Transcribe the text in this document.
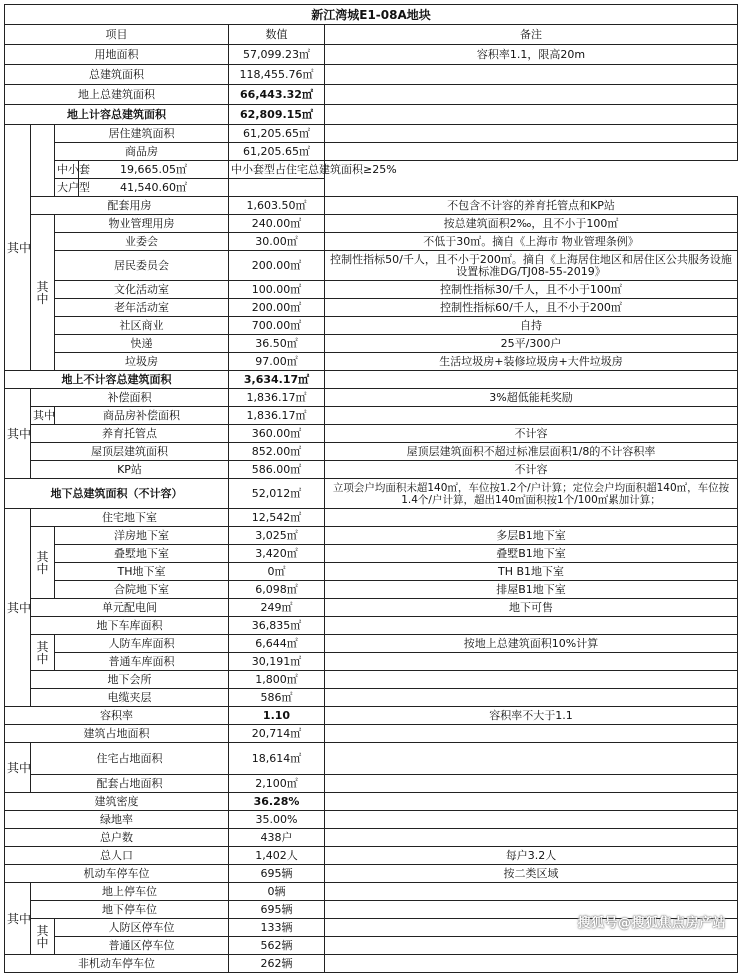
新江湾城E1-08A地块					
项目				数值	备注
用地面积				57,099.23㎡	容积率1.1，限高20m
总建筑面积				118,455.76㎡	
地上总建筑面积				66,443.32㎡	
地上计容总建筑面积				62,809.15㎡	
其中		居住建筑面积		61,205.65㎡	
		商品房		61,205.65㎡	
		中小套	19,665.05㎡	中小套型占住宅总建筑面积≥25%	
		大户型	41,540.60㎡		
	配套用房			1,603.50㎡	不包含不计容的养育托管点和KP站
	其中	物业管理用房		240.00㎡	按总建筑面积2‰，且不小于100㎡
		业委会		30.00㎡	不低于30㎡。摘自《上海市 物业管理条例》
		居民委员会		200.00㎡	控制性指标50/千人，且不小于200㎡。摘自《上海居住地区和居住区公共服务设施设置标准DG/TJ08-55-2019》
		文化活动室		100.00㎡	控制性指标30/千人，且不小于100㎡
		老年活动室		200.00㎡	控制性指标60/千人，且不小于200㎡
		社区商业		700.00㎡	自持
		快递		36.50㎡	25平/300户
		垃圾房		97.00㎡	生活垃圾房+装修垃圾房+大件垃圾房
地上不计容总建筑面积				3,634.17㎡	
其中	补偿面积			1,836.17㎡	3%超低能耗奖励
	其中	商品房补偿面积		1,836.17㎡	
	养育托管点			360.00㎡	不计容
	屋顶层建筑面积			852.00㎡	屋顶层建筑面积不超过标准层面积1/8的不计容积率
	KP站			586.00㎡	不计容
地下总建筑面积（不计容）				52,012㎡	立项会户均面积未超140㎡，车位按1.2个/户计算；定位会户均面积超140㎡，车位按1.4个/户计算，超出140㎡面积按1个/100㎡累加计算；
其中	住宅地下室			12,542㎡	
	其中	洋房地下室		3,025㎡	多层B1地下室
		叠墅地下室		3,420㎡	叠墅B1地下室
		TH地下室		0㎡	TH B1地下室
		合院地下室		6,098㎡	排屋B1地下室
	单元配电间			249㎡	地下可售
	地下车库面积			36,835㎡	
	其中	人防车库面积		6,644㎡	按地上总建筑面积10%计算
		普通车库面积		30,191㎡	
	地下会所			1,800㎡	
	电缆夹层			586㎡	
容积率				1.10	容积率不大于1.1
建筑占地面积				20,714㎡	
其中	住宅占地面积			18,614㎡	
	配套占地面积			2,100㎡	
建筑密度				36.28%	
绿地率				35.00%	
总户数				438户	
总人口				1,402人	每户3.2人
机动车停车位				695辆	按二类区域
其中	地上停车位			0辆	
	地下停车位			695辆	
	其中	人防区停车位		133辆	
		普通区停车位		562辆	
非机动车停车位				262辆	
搜狐号@搜狐焦点房产站
